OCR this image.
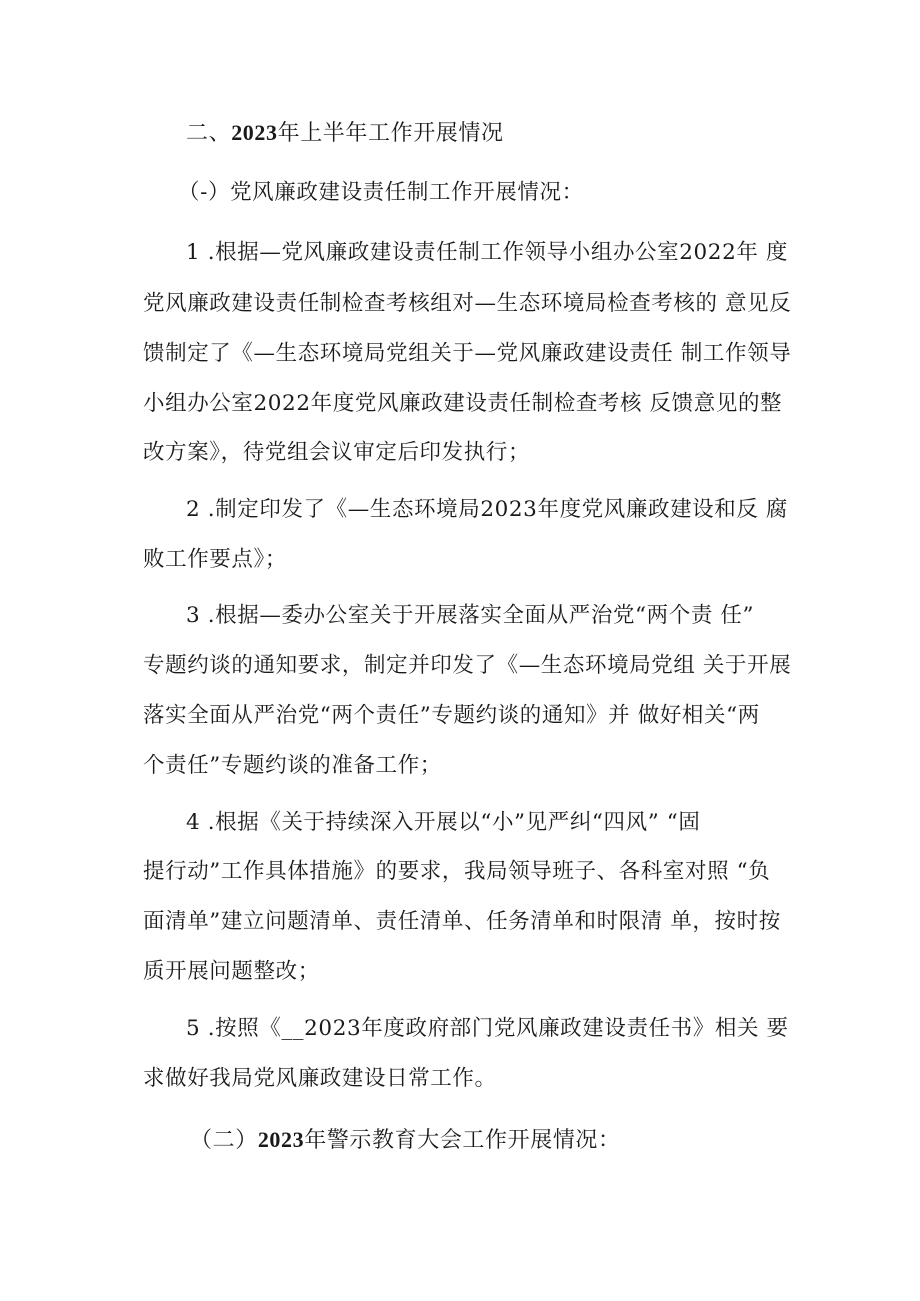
二、2023年上半年工作开展情况
（-）党风廉政建设责任制工作开展情况：
1 .根据—党风廉政建设责任制工作领导小组办公室2022年 度
党风廉政建设责任制检查考核组对—生态环境局检查考核的 意见反
馈制定了《—生态环境局党组关于—党风廉政建设责任 制工作领导
小组办公室2022年度党风廉政建设责任制检查考核 反馈意见的整
改方案》，待党组会议审定后印发执行；
2 .制定印发了《—生态环境局2023年度党风廉政建设和反 腐
败工作要点》；
3 .根据—委办公室关于开展落实全面从严治党“两个责 任”
专题约谈的通知要求，制定并印发了《—生态环境局党组 关于开展
落实全面从严治党“两个责任”专题约谈的通知》并 做好相关“两
个责任”专题约谈的准备工作；
4 .根据《关于持续深入开展以“小”见严纠“四风” “固
提行动”工作具体措施》的要求，我局领导班子、各科室对照 “负
面清单”建立问题清单、责任清单、任务清单和时限清 单，按时按
质开展问题整改；
5 .按照《__2023年度政府部门党风廉政建设责任书》相关 要
求做好我局党风廉政建设日常工作。
（二）2023年警示教育大会工作开展情况：
